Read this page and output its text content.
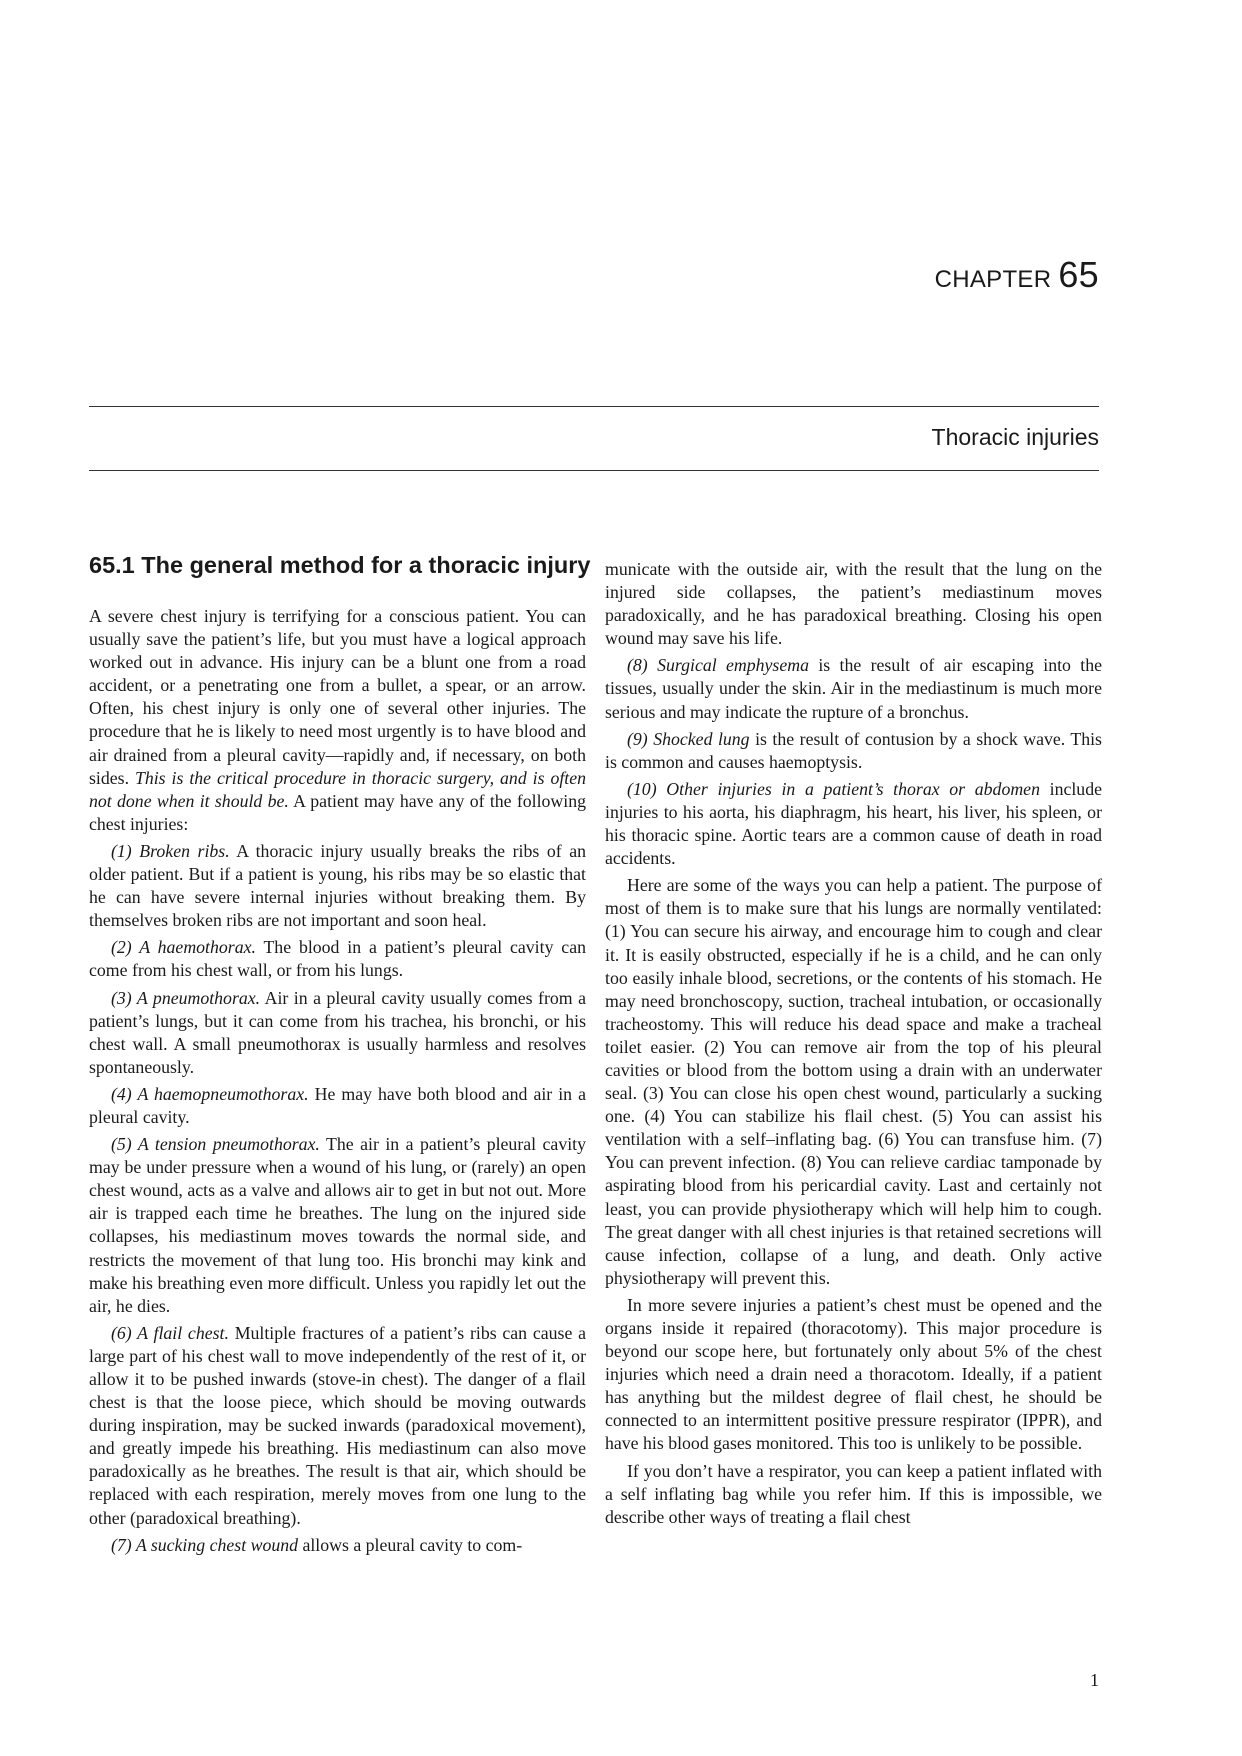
CHAPTER 65
Thoracic injuries
65.1 The general method for a thoracic injury

A severe chest injury is terrifying for a conscious patient. You can usually save the patient’s life, but you must have a logical approach worked out in advance. His injury can be a blunt one from a road accident, or a penetrating one from a bullet, a spear, or an arrow. Often, his chest injury is only one of several other injuries. The procedure that he is likely to need most urgently is to have blood and air drained from a pleural cavity—rapidly and, if necessary, on both sides. This is the critical procedure in thoracic surgery, and is often not done when it should be. A patient may have any of the following chest injuries:

(1) Broken ribs. A thoracic injury usually breaks the ribs of an older patient. But if a patient is young, his ribs may be so elastic that he can have severe internal injuries without breaking them. By themselves broken ribs are not important and soon heal.

(2) A haemothorax. The blood in a patient’s pleural cavity can come from his chest wall, or from his lungs.

(3) A pneumothorax. Air in a pleural cavity usually comes from a patient’s lungs, but it can come from his trachea, his bronchi, or his chest wall. A small pneumothorax is usually harmless and resolves spontaneously.

(4) A haemopneumothorax. He may have both blood and air in a pleural cavity.

(5) A tension pneumothorax. The air in a patient’s pleural cavity may be under pressure when a wound of his lung, or (rarely) an open chest wound, acts as a valve and allows air to get in but not out. More air is trapped each time he breathes. The lung on the injured side collapses, his mediastinum moves towards the normal side, and restricts the movement of that lung too. His bronchi may kink and make his breathing even more difficult. Unless you rapidly let out the air, he dies.

(6) A flail chest. Multiple fractures of a patient’s ribs can cause a large part of his chest wall to move independently of the rest of it, or allow it to be pushed inwards (stove-in chest). The danger of a flail chest is that the loose piece, which should be moving outwards during inspiration, may be sucked inwards (paradoxical movement), and greatly impede his breathing. His mediastinum can also move paradoxically as he breathes. The result is that air, which should be replaced with each respiration, merely moves from one lung to the other (paradoxical breathing).

(7) A sucking chest wound allows a pleural cavity to com-

municate with the outside air, with the result that the lung on the injured side collapses, the patient’s mediastinum moves paradoxically, and he has paradoxical breathing. Closing his open wound may save his life.

(8) Surgical emphysema is the result of air escaping into the tissues, usually under the skin. Air in the mediastinum is much more serious and may indicate the rupture of a bronchus.

(9) Shocked lung is the result of contusion by a shock wave. This is common and causes haemoptysis.

(10) Other injuries in a patient’s thorax or abdomen include injuries to his aorta, his diaphragm, his heart, his liver, his spleen, or his thoracic spine. Aortic tears are a common cause of death in road accidents.

Here are some of the ways you can help a patient. The purpose of most of them is to make sure that his lungs are normally ventilated: (1) You can secure his airway, and encourage him to cough and clear it. It is easily obstructed, especially if he is a child, and he can only too easily inhale blood, secretions, or the contents of his stomach. He may need bronchoscopy, suction, tracheal intubation, or occasionally tracheostomy. This will reduce his dead space and make a tracheal toilet easier. (2) You can remove air from the top of his pleural cavities or blood from the bottom using a drain with an underwater seal. (3) You can close his open chest wound, particularly a sucking one. (4) You can stabilize his flail chest. (5) You can assist his ventilation with a self–inflating bag. (6) You can transfuse him. (7) You can prevent infection. (8) You can relieve cardiac tamponade by aspirating blood from his pericardial cavity. Last and certainly not least, you can provide physiotherapy which will help him to cough. The great danger with all chest injuries is that retained secretions will cause infection, collapse of a lung, and death. Only active physiotherapy will prevent this.

In more severe injuries a patient’s chest must be opened and the organs inside it repaired (thoracotomy). This major procedure is beyond our scope here, but fortunately only about 5% of the chest injuries which need a drain need a thoracotom. Ideally, if a patient has anything but the mildest degree of flail chest, he should be connected to an intermittent positive pressure respirator (IPPR), and have his blood gases monitored. This too is unlikely to be possible.

If you don’t have a respirator, you can keep a patient inflated with a self inflating bag while you refer him. If this is impossible, we describe other ways of treating a flail chest

1
